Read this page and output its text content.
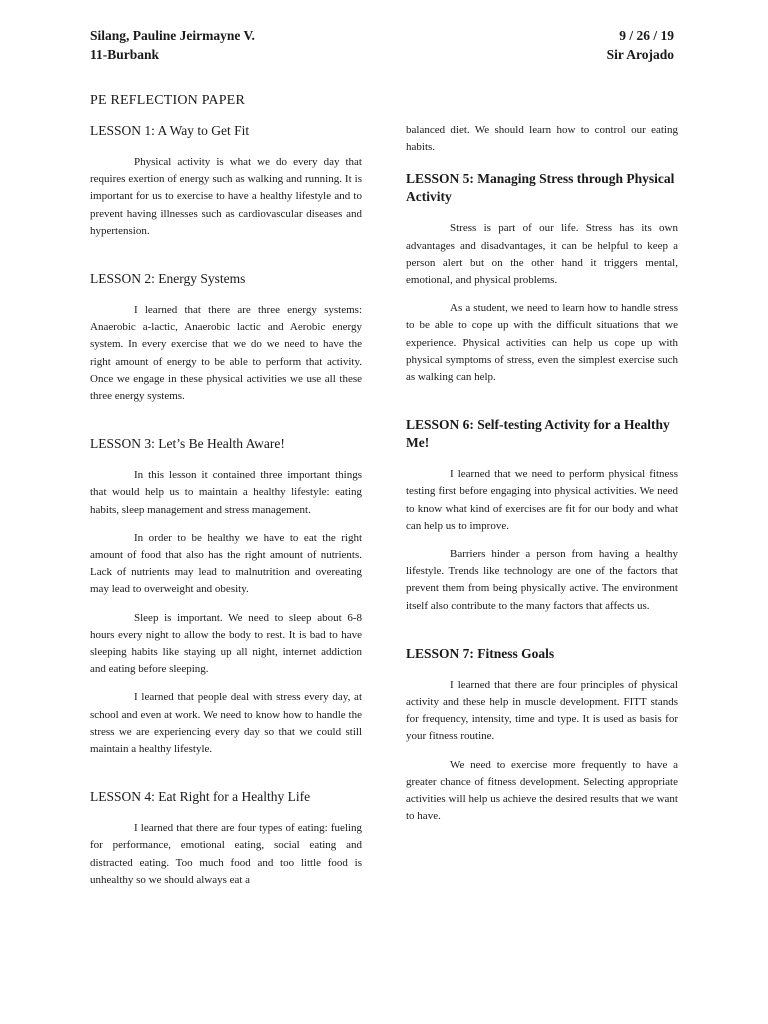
Silang, Pauline Jeirmayne V.	9 / 26 / 19
11-Burbank	Sir Arojado
PE REFLECTION PAPER
LESSON 1: A Way to Get Fit

Physical activity is what we do every day that requires exertion of energy such as walking and running. It is important for us to exercise to have a healthy lifestyle and to prevent having illnesses such as cardiovascular diseases and hypertension.

LESSON 2: Energy Systems

I learned that there are three energy systems: Anaerobic a-lactic, Anaerobic lactic and Aerobic energy system. In every exercise that we do we need to have the right amount of energy to be able to perform that activity. Once we engage in these physical activities we use all these three energy systems.

LESSON 3: Let’s Be Health Aware!

In this lesson it contained three important things that would help us to maintain a healthy lifestyle: eating habits, sleep management and stress management.

In order to be healthy we have to eat the right amount of food that also has the right amount of nutrients. Lack of nutrients may lead to malnutrition and overeating may lead to overweight and obesity.

Sleep is important. We need to sleep about 6-8 hours every night to allow the body to rest. It is bad to have sleeping habits like staying up all night, internet addiction and eating before sleeping.

I learned that people deal with stress every day, at school and even at work. We need to know how to handle the stress we are experiencing every day so that we could still maintain a healthy lifestyle.

LESSON 4: Eat Right for a Healthy Life

I learned that there are four types of eating: fueling for performance, emotional eating, social eating and distracted eating. Too much food and too little food is unhealthy so we should always eat a

balanced diet. We should learn how to control our eating habits.

LESSON 5: Managing Stress through Physical Activity

Stress is part of our life. Stress has its own advantages and disadvantages, it can be helpful to keep a person alert but on the other hand it triggers mental, emotional, and physical problems.

As a student, we need to learn how to handle stress to be able to cope up with the difficult situations that we experience. Physical activities can help us cope up with physical symptoms of stress, even the simplest exercise such as walking can help.

LESSON 6: Self-testing Activity for a Healthy Me!

I learned that we need to perform physical fitness testing first before engaging into physical activities. We need to know what kind of exercises are fit for our body and what can help us to improve.

Barriers hinder a person from having a healthy lifestyle. Trends like technology are one of the factors that prevent them from being physically active. The environment itself also contribute to the many factors that affects us.

LESSON 7: Fitness Goals

I learned that there are four principles of physical activity and these help in muscle development. FITT stands for frequency, intensity, time and type. It is used as basis for your fitness routine.

We need to exercise more frequently to have a greater chance of fitness development. Selecting appropriate activities will help us achieve the desired results that we want to have.
